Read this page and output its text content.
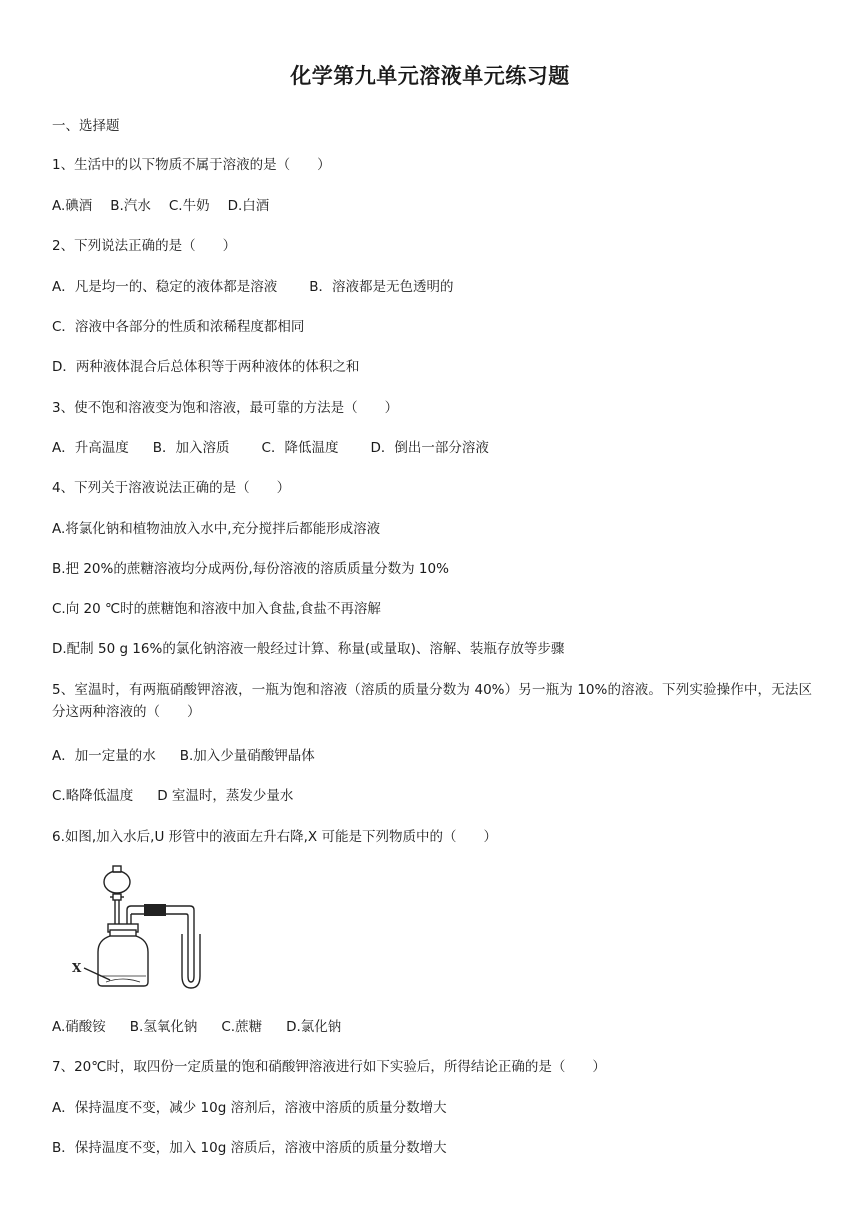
化学第九单元溶液单元练习题
一、选择题
1、生活中的以下物质不属于溶液的是（　　）
A.碘酒 B.汽水 C.牛奶 D.白酒
2、下列说法正确的是（　　）
A．凡是均一的、稳定的液体都是溶液 B．溶液都是无色透明的
C．溶液中各部分的性质和浓稀程度都相同
D．两种液体混合后总体积等于两种液体的体积之和
3、使不饱和溶液变为饱和溶液，最可靠的方法是（　　）
A．升高温度 B．加入溶质 C．降低温度 D．倒出一部分溶液
4、下列关于溶液说法正确的是（　　）
A.将氯化钠和植物油放入水中,充分搅拌后都能形成溶液
B.把 20%的蔗糖溶液均分成两份,每份溶液的溶质质量分数为 10%
C.向 20 ℃时的蔗糖饱和溶液中加入食盐,食盐不再溶解
D.配制 50 g 16%的氯化钠溶液一般经过计算、称量(或量取)、溶解、装瓶存放等步骤
5、室温时，有两瓶硝酸钾溶液，一瓶为饱和溶液（溶质的质量分数为 40%）另一瓶为 10%的溶液。下列实验操作中，无法区分这两种溶液的（　　）
A．加一定量的水 B.加入少量硝酸钾晶体
C.略降低温度 D 室温时，蒸发少量水
6.如图,加入水后,U 形管中的液面左升右降,X 可能是下列物质中的（　　）
X
A.硝酸铵 B.氢氧化钠 C.蔗糖 D.氯化钠
7、20℃时，取四份一定质量的饱和硝酸钾溶液进行如下实验后，所得结论正确的是（　　）
A．保持温度不变，减少 10g 溶剂后，溶液中溶质的质量分数增大
B．保持温度不变，加入 10g 溶质后，溶液中溶质的质量分数增大
